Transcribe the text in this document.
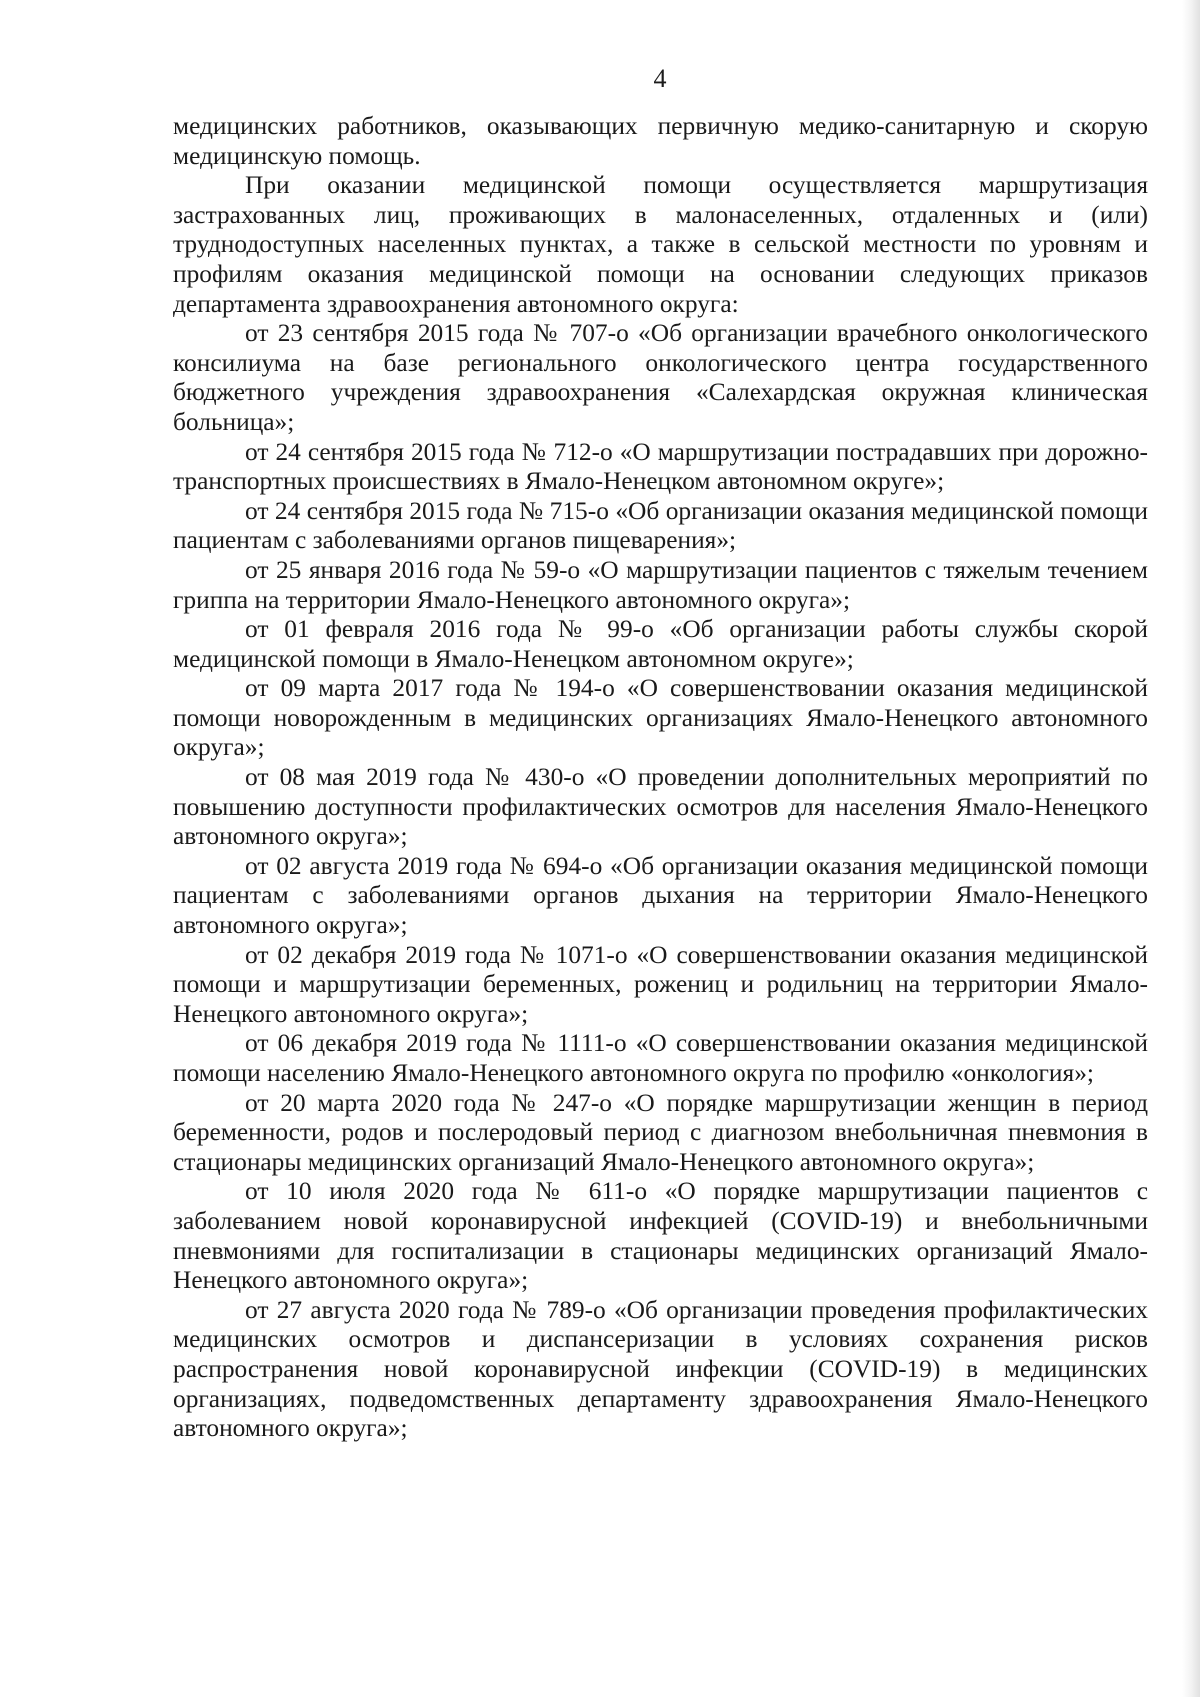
4

медицинских работников, оказывающих первичную медико-санитарную и скорую медицинскую помощь.

При оказании медицинской помощи осуществляется маршрутизация застрахованных лиц, проживающих в малонаселенных, отдаленных и (или) труднодоступных населенных пунктах, а также в сельской местности по уровням и профилям оказания медицинской помощи на основании следующих приказов департамента здравоохранения автономного округа:

от 23 сентября 2015 года № 707-о «Об организации врачебного онкологического консилиума на базе регионального онкологического центра государственного бюджетного учреждения здравоохранения «Салехардская окружная клиническая больница»;

от 24 сентября 2015 года № 712-о «О маршрутизации пострадавших при дорожно-транспортных происшествиях в Ямало-Ненецком автономном округе»;

от 24 сентября 2015 года № 715-о «Об организации оказания медицинской помощи пациентам с заболеваниями органов пищеварения»;

от 25 января 2016 года № 59-о «О маршрутизации пациентов с тяжелым течением гриппа на территории Ямало-Ненецкого автономного округа»;

от 01 февраля 2016 года № 99-о «Об организации работы службы скорой медицинской помощи в Ямало-Ненецком автономном округе»;

от 09 марта 2017 года № 194-о «О совершенствовании оказания медицинской помощи новорожденным в медицинских организациях Ямало-Ненецкого автономного округа»;

от 08 мая 2019 года № 430-о «О проведении дополнительных мероприятий по повышению доступности профилактических осмотров для населения Ямало-Ненецкого автономного округа»;

от 02 августа 2019 года № 694-о «Об организации оказания медицинской помощи пациентам с заболеваниями органов дыхания на территории Ямало-Ненецкого автономного округа»;

от 02 декабря 2019 года № 1071-о «О совершенствовании оказания медицинской помощи и маршрутизации беременных, рожениц и родильниц на территории Ямало-Ненецкого автономного округа»;

от 06 декабря 2019 года № 1111-о «О совершенствовании оказания медицинской помощи населению Ямало-Ненецкого автономного округа по профилю «онкология»;

от 20 марта 2020 года № 247-о «О порядке маршрутизации женщин в период беременности, родов и послеродовый период с диагнозом внебольничная пневмония в стационары медицинских организаций Ямало-Ненецкого автономного округа»;

от 10 июля 2020 года № 611-о «О порядке маршрутизации пациентов с заболеванием новой коронавирусной инфекцией (COVID-19) и внебольничными пневмониями для госпитализации в стационары медицинских организаций Ямало-Ненецкого автономного округа»;

от 27 августа 2020 года № 789-о «Об организации проведения профилактических медицинских осмотров и диспансеризации в условиях сохранения рисков распространения новой коронавирусной инфекции (COVID-19) в медицинских организациях, подведомственных департаменту здравоохранения Ямало-Ненецкого автономного округа»;
